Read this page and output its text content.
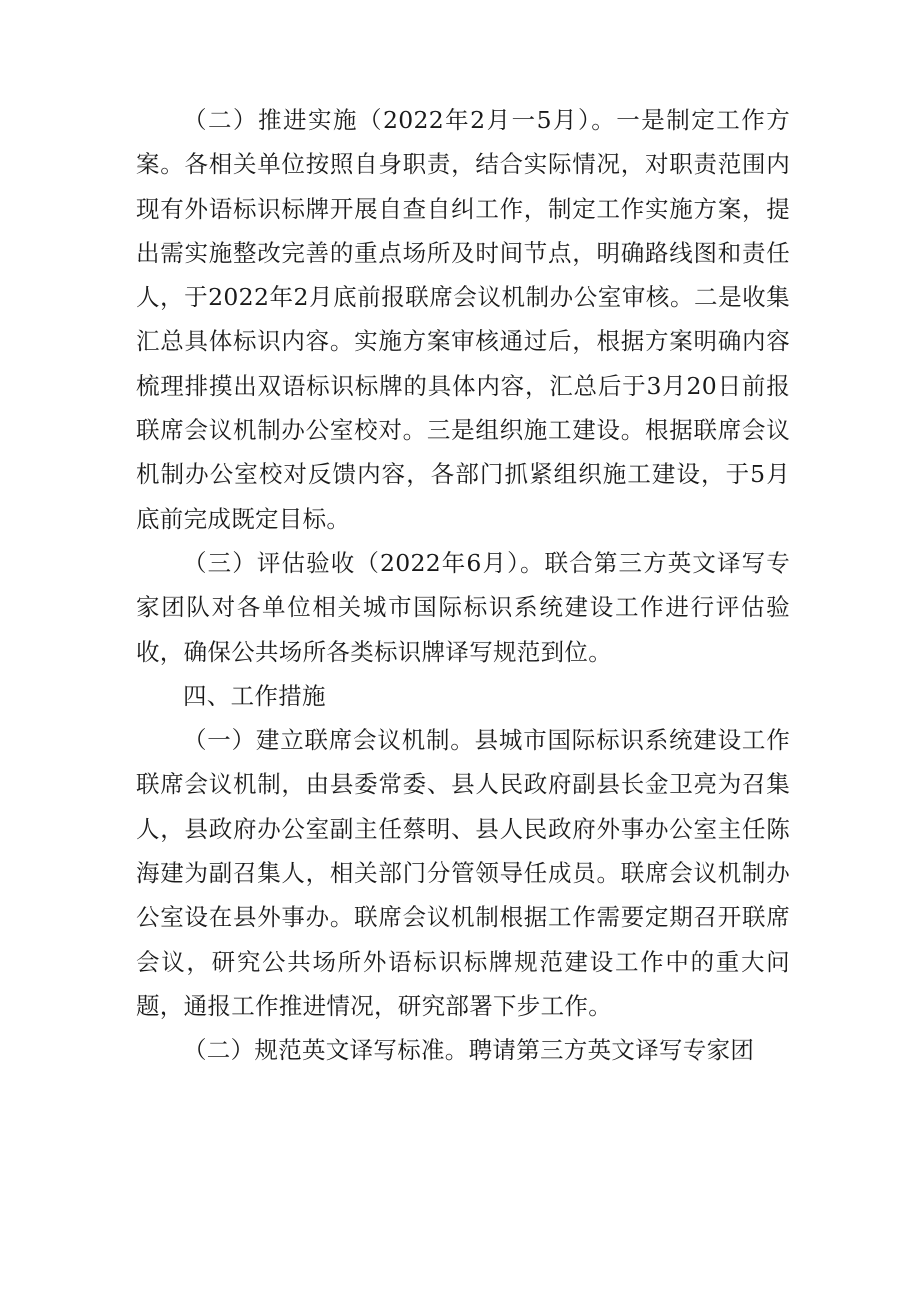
（二）推进实施（2022年2月一5月）。一是制定工作方案。各相关单位按照自身职责，结合实际情况，对职责范围内现有外语标识标牌开展自查自纠工作，制定工作实施方案，提出需实施整改完善的重点场所及时间节点，明确路线图和责任人，于2022年2月底前报联席会议机制办公室审核。二是收集汇总具体标识内容。实施方案审核通过后，根据方案明确内容梳理排摸出双语标识标牌的具体内容，汇总后于3月20日前报联席会议机制办公室校对。三是组织施工建设。根据联席会议机制办公室校对反馈内容，各部门抓紧组织施工建设，于5月底前完成既定目标。

（三）评估验收（2022年6月）。联合第三方英文译写专家团队对各单位相关城市国际标识系统建设工作进行评估验收，确保公共场所各类标识牌译写规范到位。

四、工作措施

（一）建立联席会议机制。县城市国际标识系统建设工作联席会议机制，由县委常委、县人民政府副县长金卫亮为召集人，县政府办公室副主任蔡明、县人民政府外事办公室主任陈海建为副召集人，相关部门分管领导任成员。联席会议机制办公室设在县外事办。联席会议机制根据工作需要定期召开联席会议，研究公共场所外语标识标牌规范建设工作中的重大问题，通报工作推进情况，研究部署下步工作。

（二）规范英文译写标准。聘请第三方英文译写专家团
